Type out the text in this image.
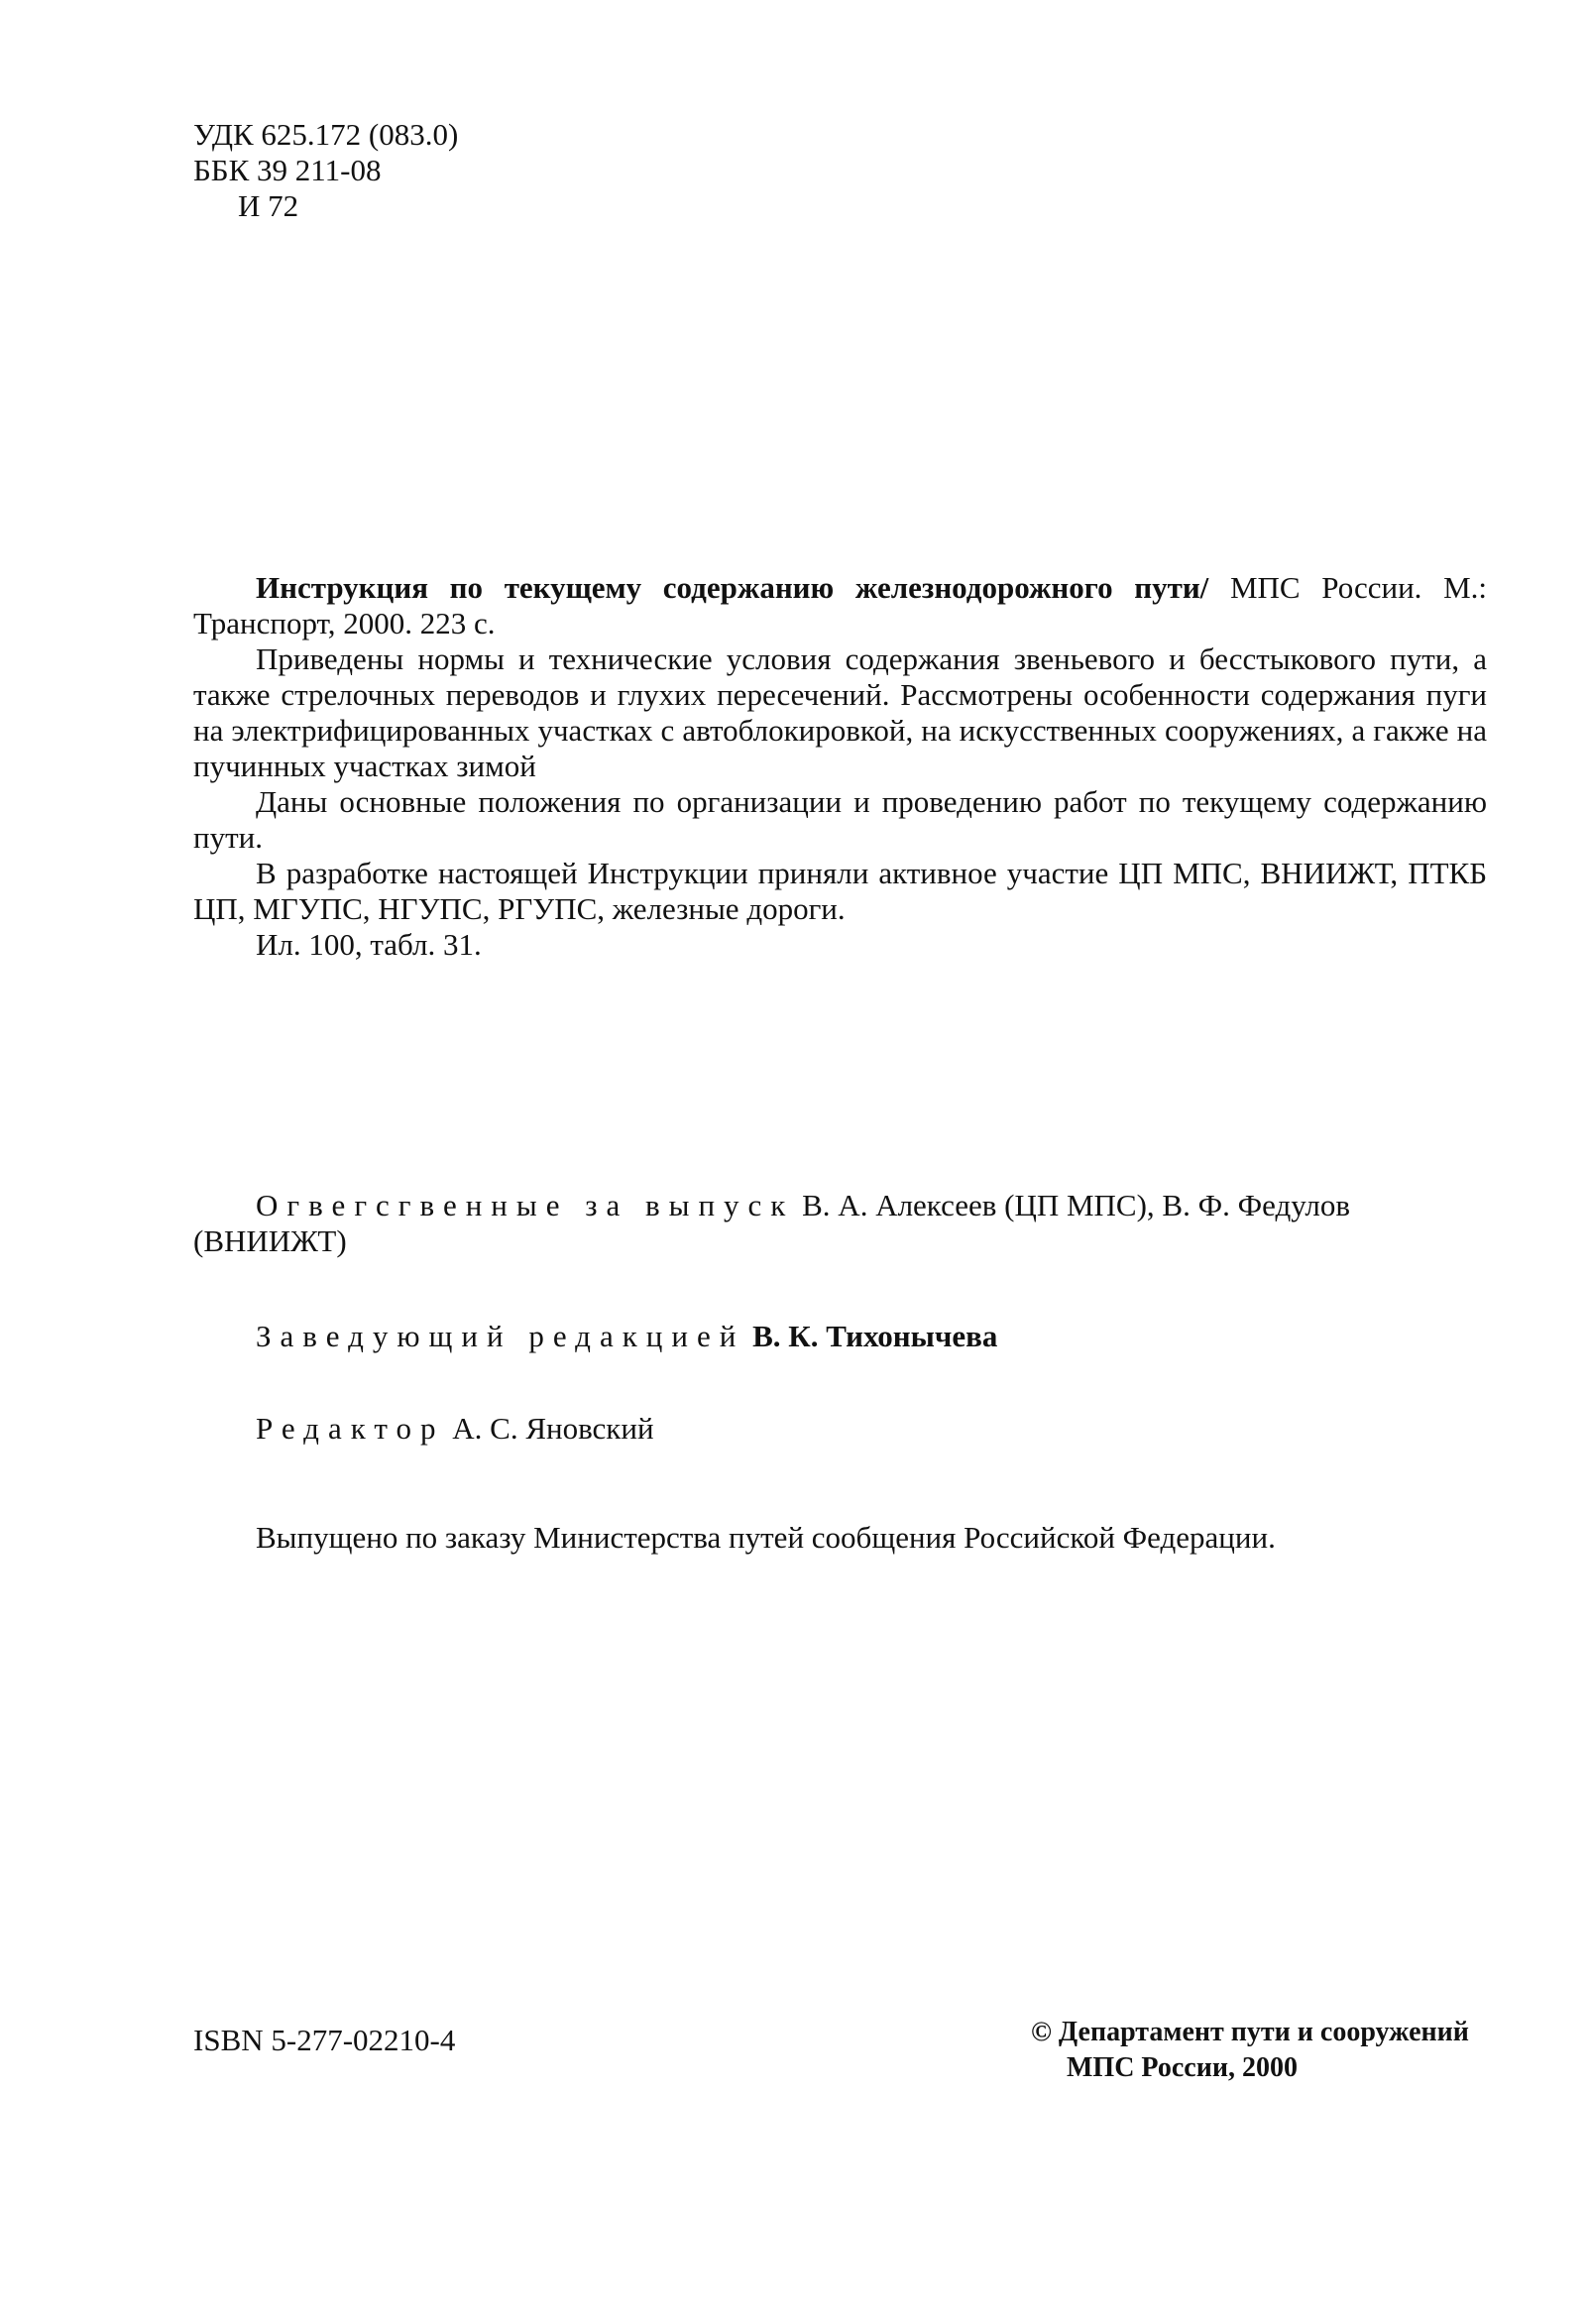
УДК 625.172 (083.0)
ББК 39 211-08
И 72

Инструкция по текущему содержанию железнодорожного пути/ МПС России. М.: Транспорт, 2000. 223 с.

Приведены нормы и технические условия содержания звеньевого и бесстыкового пути, а также стрелочных переводов и глухих пересечений. Рассмотрены особенности содержания пуги на электрифицированных участках с автоблокировкой, на искусственных сооружениях, а гакже на пучинных участках зимой

Даны основные положения по организации и проведению работ по текущему содержанию пути.

В разработке настоящей Инструкции приняли активное участие ЦП МПС, ВНИИЖТ, ПТКБ ЦП, МГУПС, НГУПС, РГУПС, железные дороги.

Ил. 100, табл. 31.

Огвегсгвенные за выпуск В. А. Алексеев (ЦП МПС), В. Ф. Федулов (ВНИИЖТ)

Заведующий редакцией В. К. Тихонычева

Редактор А. С. Яновский

Выпущено по заказу Министерства путей сообщения Российской Федерации.

ISBN 5-277-02210-4	© Департамент пути и сооружений
МПС России, 2000
